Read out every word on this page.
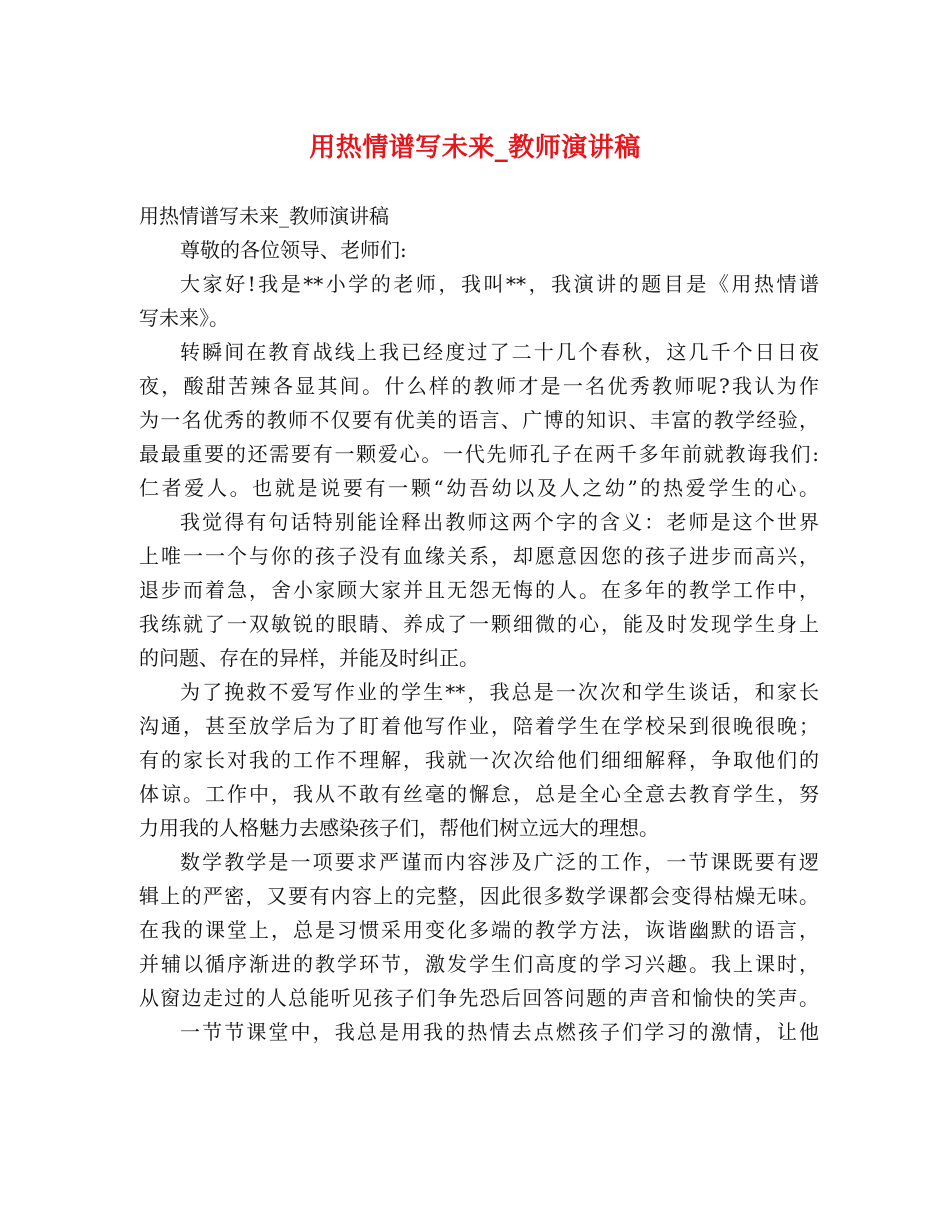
用热情谱写未来_教师演讲稿
用热情谱写未来_教师演讲稿
尊敬的各位领导、老师们:
大家好!我是**小学的老师，我叫**，我演讲的题目是《用热情谱
写未来》。
转瞬间在教育战线上我已经度过了二十几个春秋，这几千个日日夜
夜，酸甜苦辣各显其间。什么样的教师才是一名优秀教师呢?我认为作
为一名优秀的教师不仅要有优美的语言、广博的知识、丰富的教学经验，
最最重要的还需要有一颗爱心。一代先师孔子在两千多年前就教诲我们:
仁者爱人。也就是说要有一颗“幼吾幼以及人之幼”的热爱学生的心。
我觉得有句话特别能诠释出教师这两个字的含义：老师是这个世界
上唯一一个与你的孩子没有血缘关系，却愿意因您的孩子进步而高兴，
退步而着急，舍小家顾大家并且无怨无悔的人。在多年的教学工作中，
我练就了一双敏锐的眼睛、养成了一颗细微的心，能及时发现学生身上
的问题、存在的异样，并能及时纠正。
为了挽救不爱写作业的学生**，我总是一次次和学生谈话，和家长
沟通，甚至放学后为了盯着他写作业，陪着学生在学校呆到很晚很晚；
有的家长对我的工作不理解，我就一次次给他们细细解释，争取他们的
体谅。工作中，我从不敢有丝毫的懈怠，总是全心全意去教育学生，努
力用我的人格魅力去感染孩子们，帮他们树立远大的理想。
数学教学是一项要求严谨而内容涉及广泛的工作，一节课既要有逻
辑上的严密，又要有内容上的完整，因此很多数学课都会变得枯燥无味。
在我的课堂上，总是习惯采用变化多端的教学方法，诙谐幽默的语言，
并辅以循序渐进的教学环节，激发学生们高度的学习兴趣。我上课时，
从窗边走过的人总能听见孩子们争先恐后回答问题的声音和愉快的笑声。
一节节课堂中，我总是用我的热情去点燃孩子们学习的激情，让他
